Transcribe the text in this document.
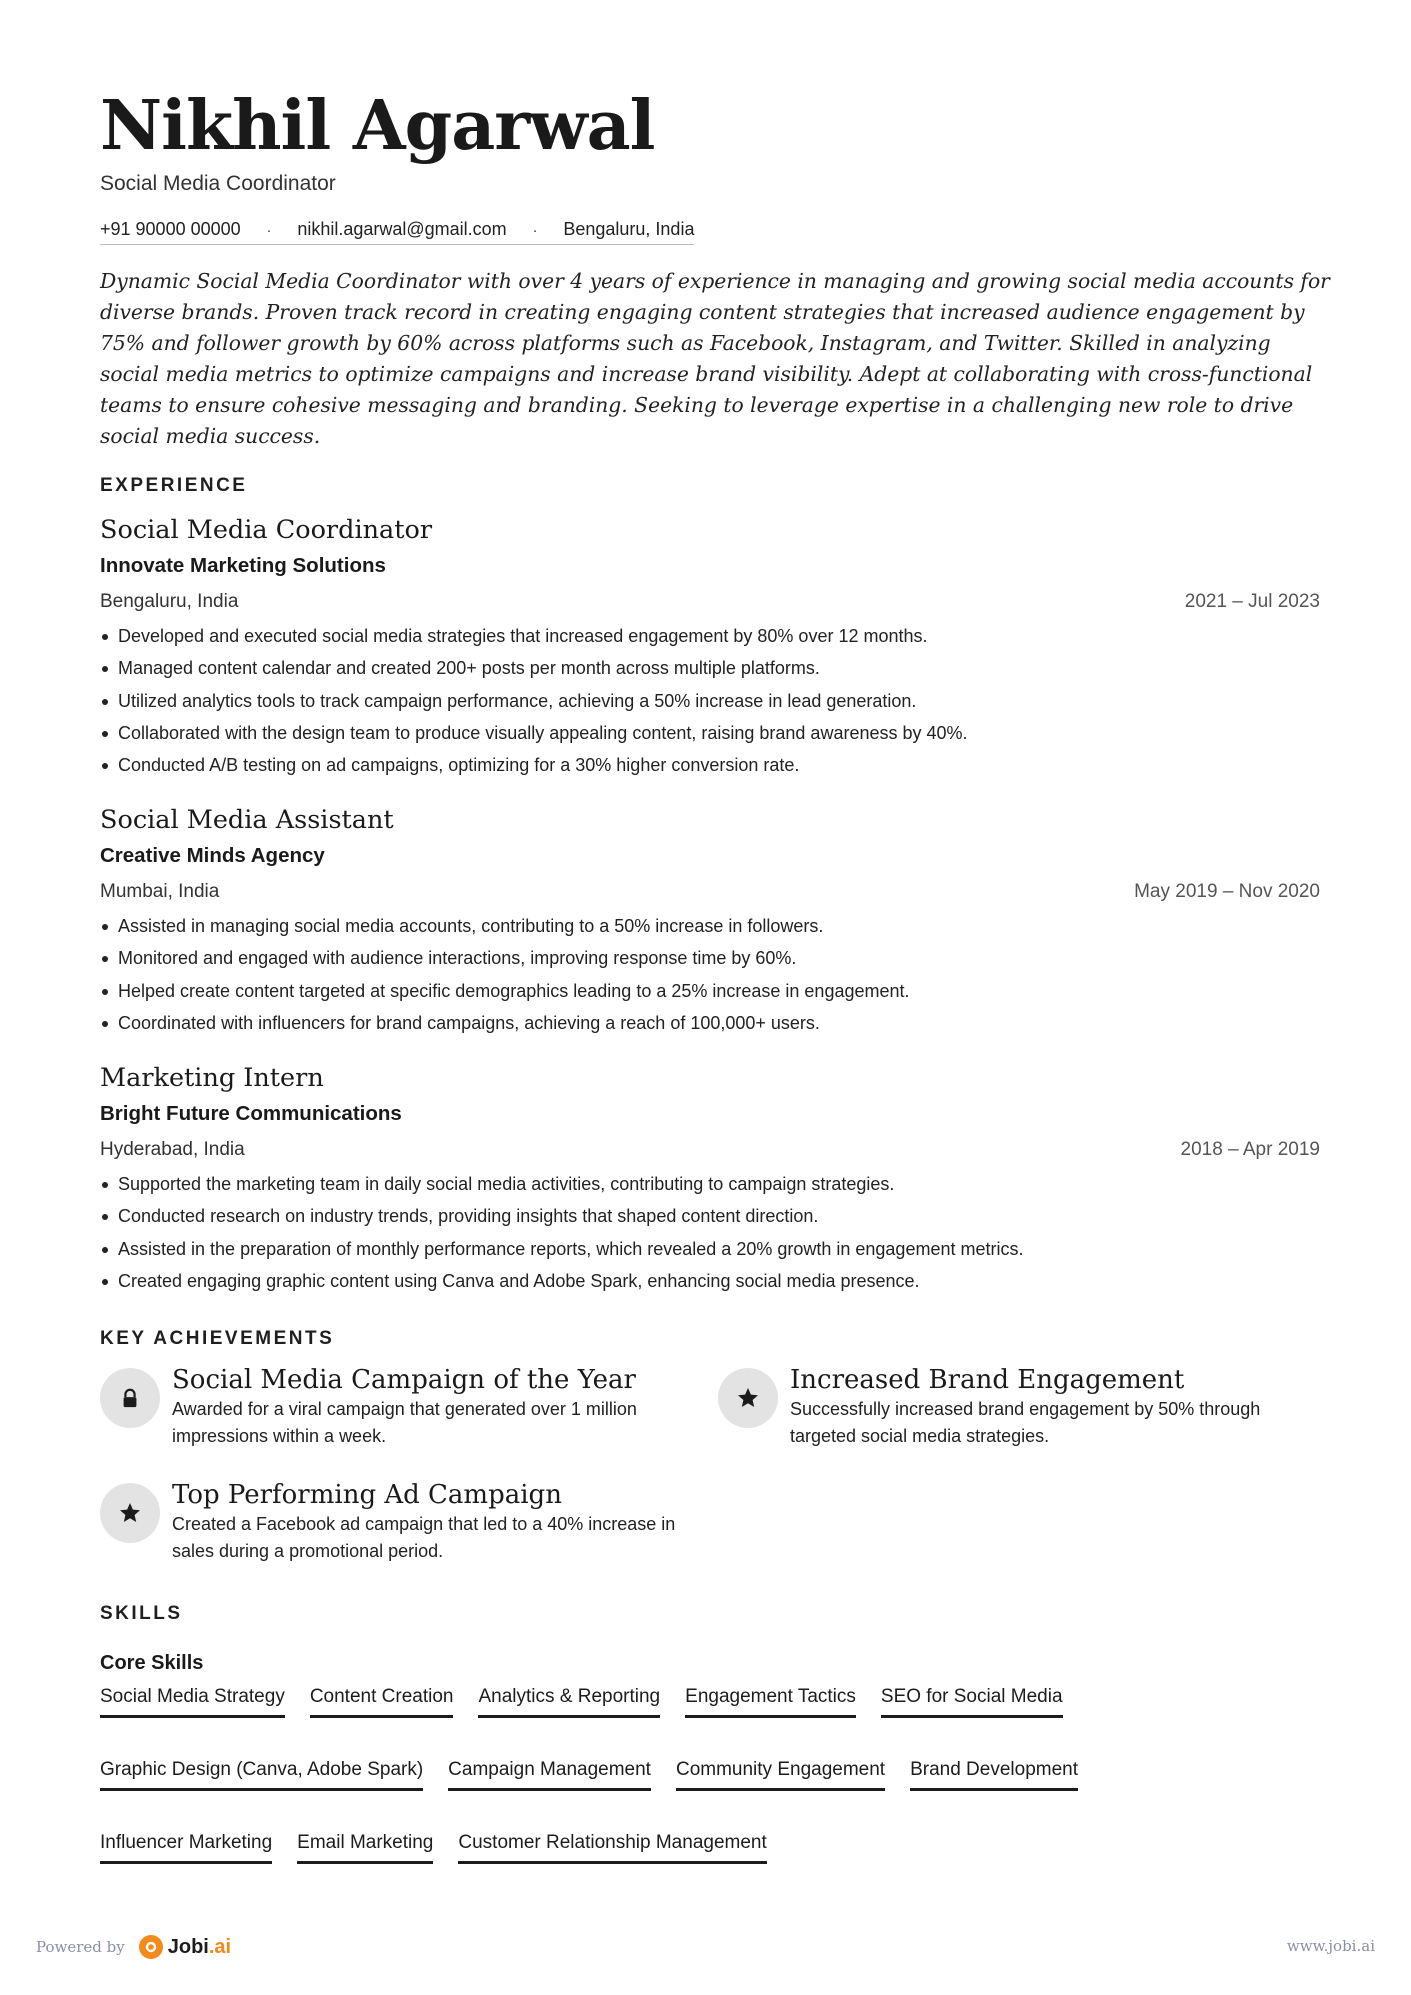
Nikhil Agarwal
Social Media Coordinator
+91 90000 00000 · nikhil.agarwal@gmail.com · Bengaluru, India

Dynamic Social Media Coordinator with over 4 years of experience in managing and growing social media accounts for diverse brands. Proven track record in creating engaging content strategies that increased audience engagement by 75% and follower growth by 60% across platforms such as Facebook, Instagram, and Twitter. Skilled in analyzing social media metrics to optimize campaigns and increase brand visibility. Adept at collaborating with cross-functional teams to ensure cohesive messaging and branding. Seeking to leverage expertise in a challenging new role to drive social media success.

EXPERIENCE
Social Media Coordinator
Innovate Marketing Solutions
Bengaluru, India	2021 – Jul 2023
Developed and executed social media strategies that increased engagement by 80% over 12 months.
Managed content calendar and created 200+ posts per month across multiple platforms.
Utilized analytics tools to track campaign performance, achieving a 50% increase in lead generation.
Collaborated with the design team to produce visually appealing content, raising brand awareness by 40%.
Conducted A/B testing on ad campaigns, optimizing for a 30% higher conversion rate.
Social Media Assistant
Creative Minds Agency
Mumbai, India	May 2019 – Nov 2020
Assisted in managing social media accounts, contributing to a 50% increase in followers.
Monitored and engaged with audience interactions, improving response time by 60%.
Helped create content targeted at specific demographics leading to a 25% increase in engagement.
Coordinated with influencers for brand campaigns, achieving a reach of 100,000+ users.
Marketing Intern
Bright Future Communications
Hyderabad, India	2018 – Apr 2019
Supported the marketing team in daily social media activities, contributing to campaign strategies.
Conducted research on industry trends, providing insights that shaped content direction.
Assisted in the preparation of monthly performance reports, which revealed a 20% growth in engagement metrics.
Created engaging graphic content using Canva and Adobe Spark, enhancing social media presence.
KEY ACHIEVEMENTS
Social Media Campaign of the Year
Awarded for a viral campaign that generated over 1 million impressions within a week.
Increased Brand Engagement
Successfully increased brand engagement by 50% through targeted social media strategies.
Top Performing Ad Campaign
Created a Facebook ad campaign that led to a 40% increase in sales during a promotional period.
SKILLS
Core Skills
Social Media Strategy Content Creation Analytics & Reporting Engagement Tactics SEO for Social Media
Graphic Design (Canva, Adobe Spark) Campaign Management Community Engagement Brand Development
Influencer Marketing Email Marketing Customer Relationship Management
Powered by Jobi .ai	www.jobi.ai
